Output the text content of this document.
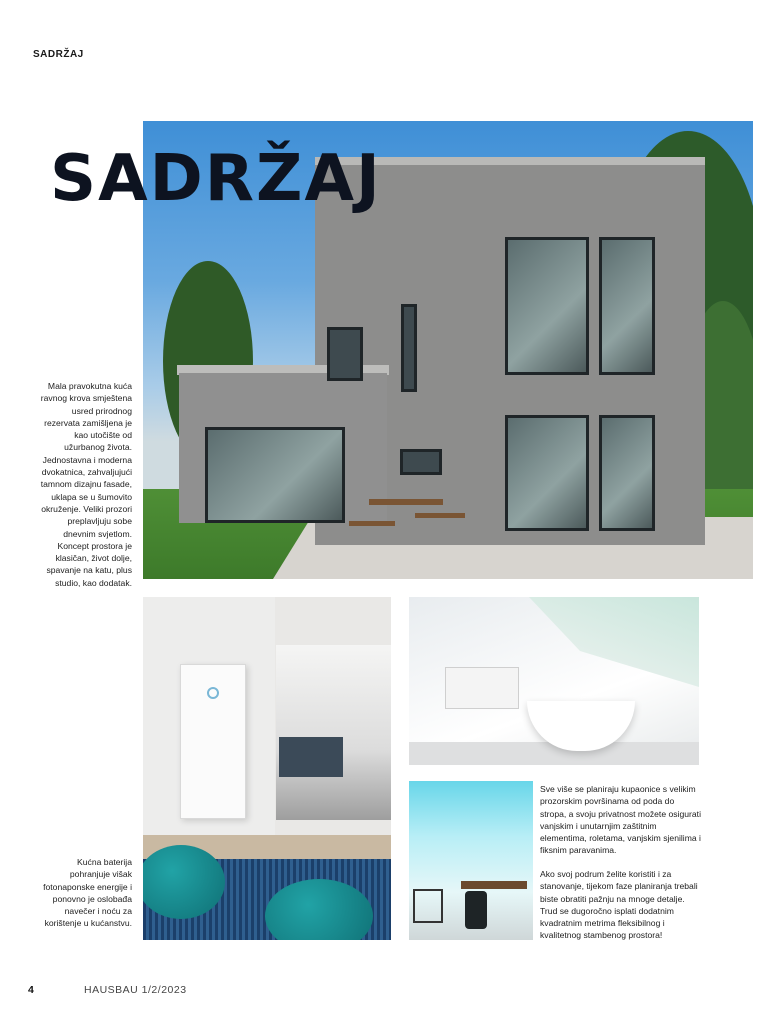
SADRŽAJ
SADRŽAJ
Mala pravokutna kuća ravnog krova smještena usred prirodnog rezervata zamišljena je kao utočište od užurbanog života. Jednostavna i moderna dvokatnica, zahvaljujući tamnom dizajnu fasade, uklapa se u šumovito okruženje. Veliki prozori preplavljuju sobe dnevnim svjetlom. Koncept prostora je klasičan, život dolje, spavanje na katu, plus studio, kao dodatak.
Kućna baterija pohranjuje višak fotonaponske energije i ponovno je oslobađa navečer i noću za korištenje u kućanstvu.
Sve više se planiraju kupaonice s velikim prozorskim površinama od poda do stropa, a svoju privatnost možete osigurati vanjskim i unutarnjim zaštitnim elementima, roletama, vanjskim sjenilima i fiksnim paravanima.
Ako svoj podrum želite koristiti i za stanovanje, tijekom faze planiranja trebali biste obratiti pažnju na mnoge detalje. Trud se dugoročno isplati dodatnim kvadratnim metrima fleksibilnog i kvalitetnog stambenog prostora!
4	HAUSBAU 1/2/2023
